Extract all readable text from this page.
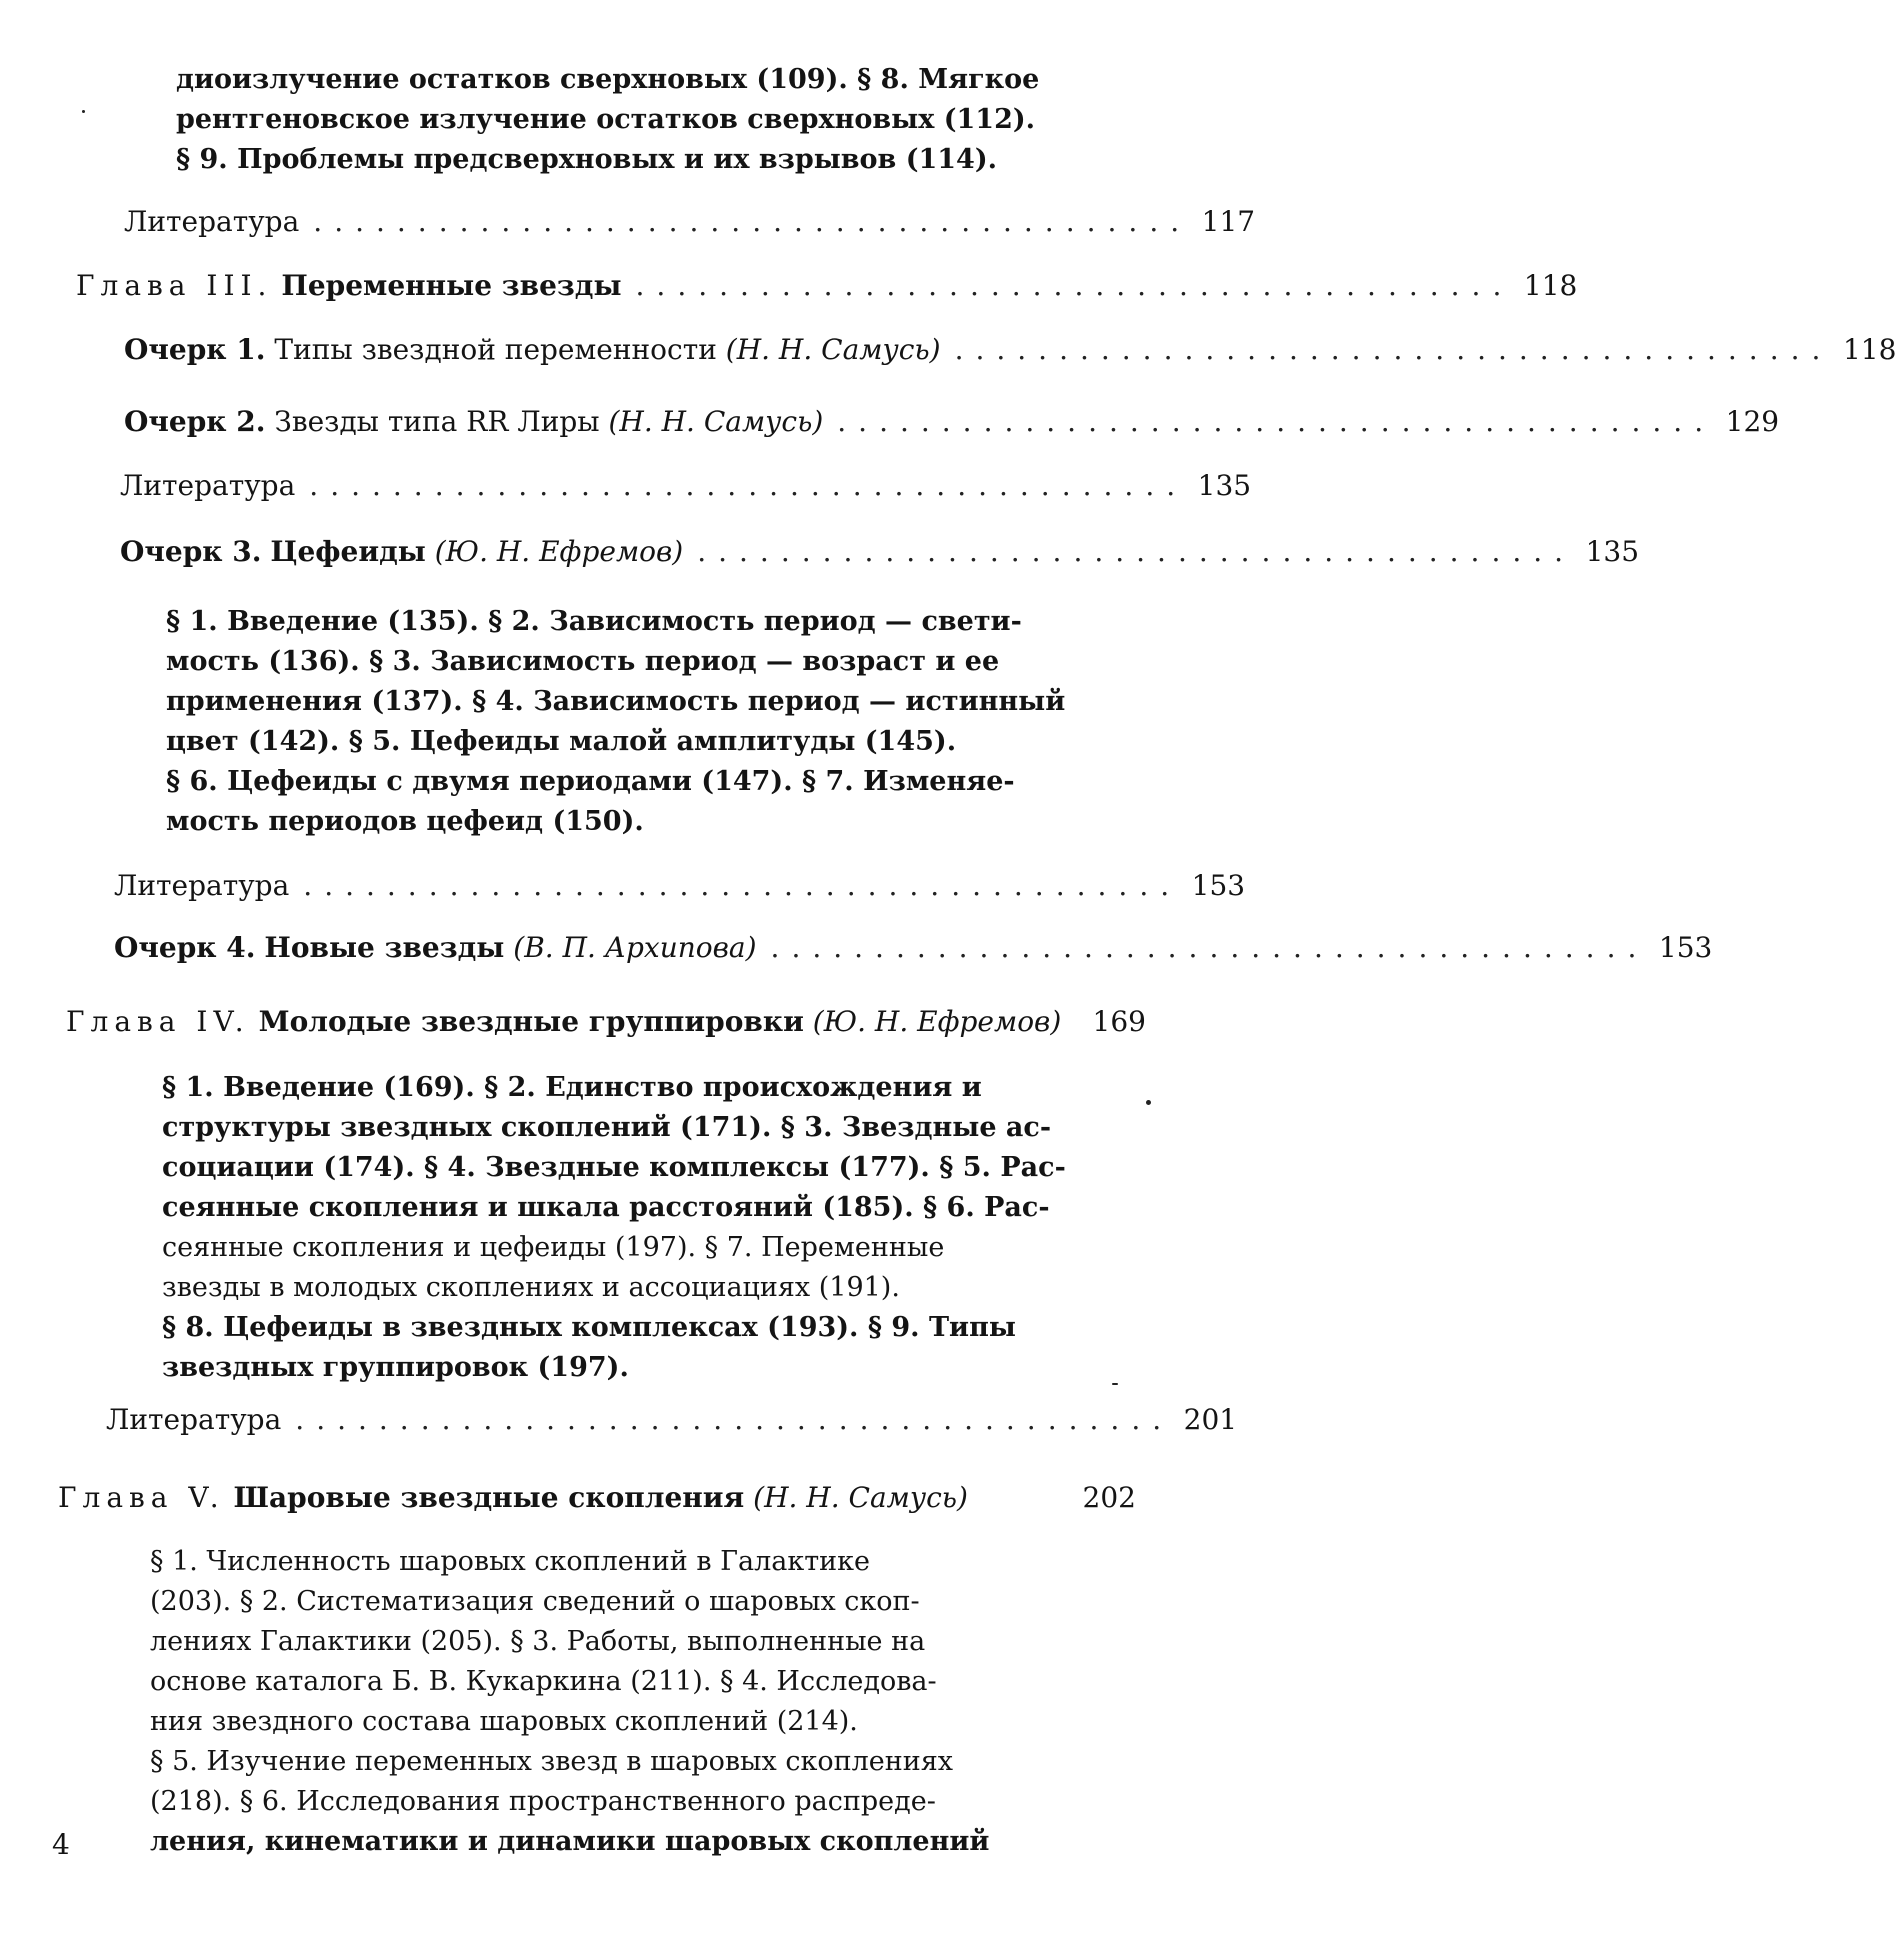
диоизлучение остатков сверхновых (109). § 8. Мягкое
рентгеновское излучение остатков сверхновых (112).
§ 9. Проблемы предсверхновых и их взрывов (114).
Литература .......................................... 117
Глава III. Переменные звезды .......................................... 118
Очерк 1. Типы звездной переменности (Н. Н. Самусь) .......................................... 118
Очерк 2. Звезды типа RR Лиры (Н. Н. Самусь) .......................................... 129
Литература .......................................... 135
Очерк 3. Цефеиды (Ю. Н. Ефремов) .......................................... 135
§ 1. Введение (135). § 2. Зависимость период — свети-
мость (136). § 3. Зависимость период — возраст и ее
применения (137). § 4. Зависимость период — истинный
цвет (142). § 5. Цефеиды малой амплитуды (145).
§ 6. Цефеиды с двумя периодами (147). § 7. Изменяе-
мость периодов цефеид (150).
Литература .......................................... 153
Очерк 4. Новые звезды (В. П. Архипова) .......................................... 153
Глава IV. Молодые звездные группировки (Ю. Н. Ефремов)	169
§ 1. Введение (169). § 2. Единство происхождения и
структуры звездных скоплений (171). § 3. Звездные ас-
социации (174). § 4. Звездные комплексы (177). § 5. Рас-
сеянные скопления и шкала расстояний (185). § 6. Рас-
сеянные скопления и цефеиды (197). § 7. Переменные
звезды в молодых скоплениях и ассоциациях (191).
§ 8. Цефеиды в звездных комплексах (193). § 9. Типы
звездных группировок (197).
Литература .......................................... 201
Глава V. Шаровые звездные скопления (Н. Н. Самусь)	202
§ 1. Численность шаровых скоплений в Галактике
(203). § 2. Систематизация сведений о шаровых скоп-
лениях Галактики (205). § 3. Работы, выполненные на
основе каталога Б. В. Кукаркина (211). § 4. Исследова-
ния звездного состава шаровых скоплений (214).
§ 5. Изучение переменных звезд в шаровых скоплениях
(218). § 6. Исследования пространственного распреде-
ления, кинематики и динамики шаровых скоплений
4
